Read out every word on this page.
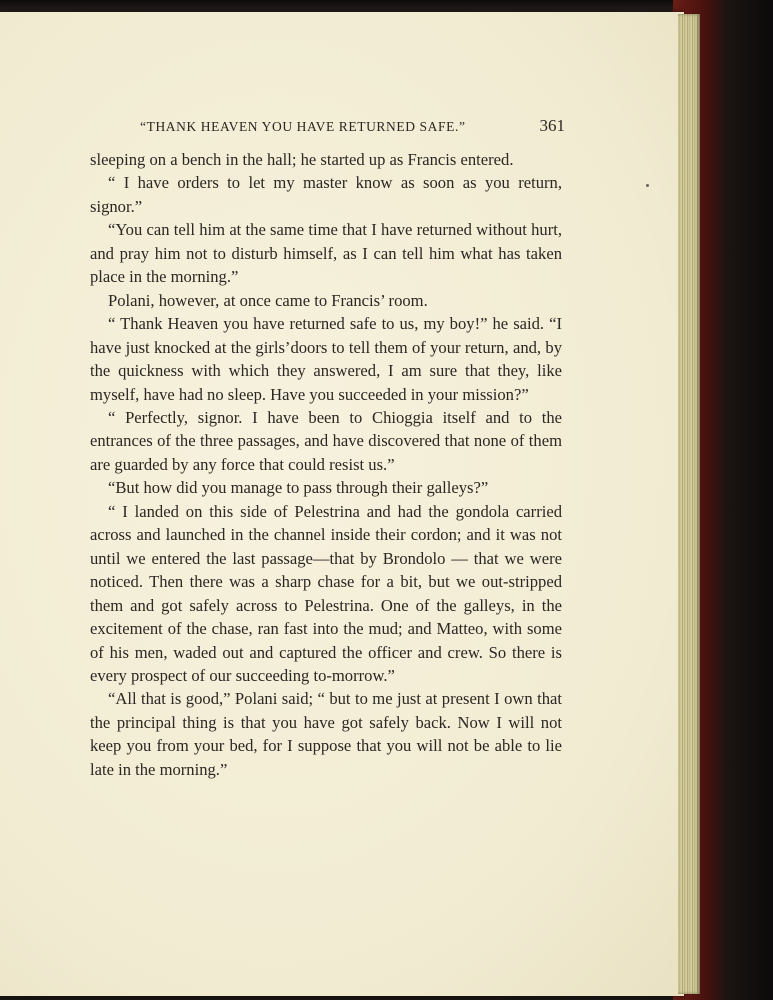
“THANK HEAVEN YOU HAVE RETURNED SAFE.”	361

sleeping on a bench in the hall; he started up as Francis entered.

“ I have orders to let my master know as soon as you return, signor.”

“You can tell him at the same time that I have returned without hurt, and pray him not to disturb himself, as I can tell him what has taken place in the morning.”

Polani, however, at once came to Francis’ room.

“ Thank Heaven you have returned safe to us, my boy!” he said. “I have just knocked at the girls’doors to tell them of your return, and, by the quickness with which they answered, I am sure that they, like myself, have had no sleep. Have you succeeded in your mission?”

“ Perfectly, signor. I have been to Chioggia itself and to the entrances of the three passages, and have discovered that none of them are guarded by any force that could resist us.”

“But how did you manage to pass through their galleys?”

“ I landed on this side of Pelestrina and had the gondola carried across and launched in the channel inside their cordon; and it was not until we entered the last passage—that by Brondolo — that we were noticed. Then there was a sharp chase for a bit, but we out-stripped them and got safely across to Pelestrina. One of the galleys, in the excitement of the chase, ran fast into the mud; and Matteo, with some of his men, waded out and captured the officer and crew. So there is every prospect of our succeeding to-morrow.”

“All that is good,” Polani said; “ but to me just at present I own that the principal thing is that you have got safely back. Now I will not keep you from your bed, for I suppose that you will not be able to lie late in the morning.”
